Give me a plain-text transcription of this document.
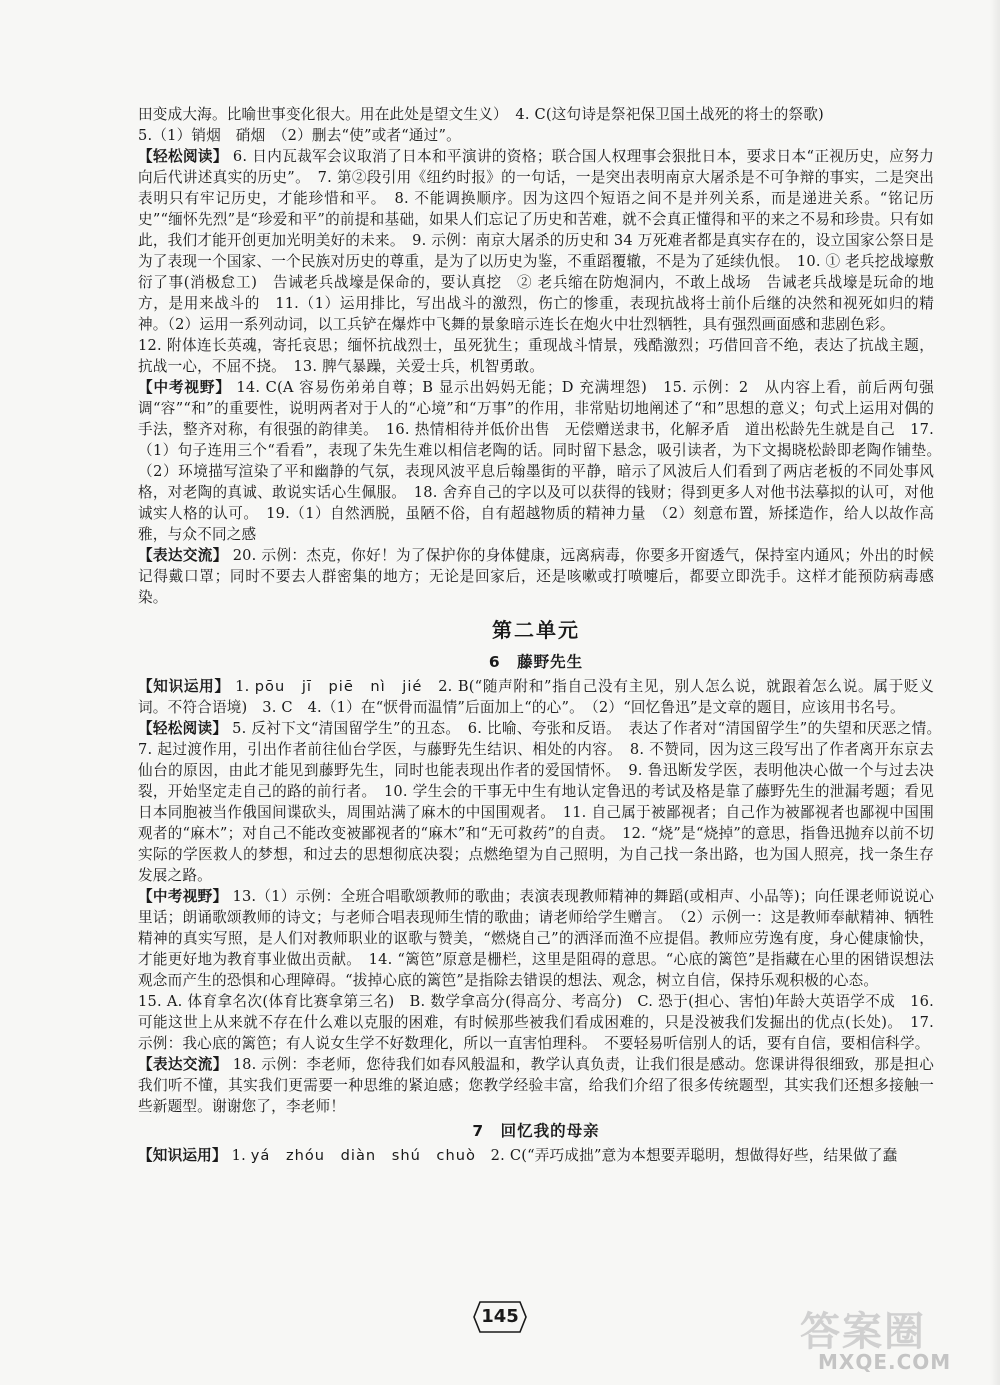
田变成大海。比喻世事变化很大。用在此处是望文生义）　4. C(这句诗是祭祀保卫国土战死的将士的祭歌)

5.（1）销烟　硝烟　（2）删去“使”或者“通过”。

【轻松阅读】 6. 日内瓦裁军会议取消了日本和平演讲的资格；联合国人权理事会狠批日本，要求日本“正视历史，应努力向后代讲述真实的历史”。　7. 第②段引用《纽约时报》的一句话，一是突出表明南京大屠杀是不可争辩的事实，二是突出表明只有牢记历史，才能珍惜和平。　8. 不能调换顺序。因为这四个短语之间不是并列关系，而是递进关系。“铭记历史”“缅怀先烈”是“珍爱和平”的前提和基础，如果人们忘记了历史和苦难，就不会真正懂得和平的来之不易和珍贵。只有如此，我们才能开创更加光明美好的未来。　9. 示例：南京大屠杀的历史和 34 万死难者都是真实存在的，设立国家公祭日是为了表现一个国家、一个民族对历史的尊重，是为了以历史为鉴，不重蹈覆辙，不是为了延续仇恨。　10. ① 老兵挖战壕敷衍了事(消极怠工)　告诫老兵战壕是保命的，要认真挖　② 老兵缩在防炮洞内，不敢上战场　告诫老兵战壕是玩命的地方，是用来战斗的　11.（1）运用排比，写出战斗的激烈，伤亡的惨重，表现抗战将士前仆后继的决然和视死如归的精神。（2）运用一系列动词，以工兵铲在爆炸中飞舞的景象暗示连长在炮火中壮烈牺牲，具有强烈画面感和悲剧色彩。

12. 附体连长英魂，寄托哀思；缅怀抗战烈士，虽死犹生；重现战斗情景，残酷激烈；巧借回音不绝，表达了抗战主题，抗战一心，不屈不挠。　13. 脾气暴躁，关爱士兵，机智勇敢。

【中考视野】 14. C(A 容易伤弟弟自尊；B 显示出妈妈无能；D 充满埋怨)　15. 示例：2　从内容上看，前后两句强调“容”“和”的重要性，说明两者对于人的“心境”和“万事”的作用，非常贴切地阐述了“和”思想的意义；句式上运用对偶的手法，整齐对称，有很强的韵律美。　16. 热情相待并低价出售　无偿赠送隶书，化解矛盾　道出松龄先生就是自己　17.（1）句子连用三个“看看”，表现了朱先生难以相信老陶的话。同时留下悬念，吸引读者，为下文揭晓松龄即老陶作铺垫。　（2）环境描写渲染了平和幽静的气氛，表现风波平息后翰墨街的平静，暗示了风波后人们看到了两店老板的不同处事风格，对老陶的真诚、敢说实话心生佩服。　18. 舍弃自己的字以及可以获得的钱财；得到更多人对他书法摹拟的认可，对他诚实人格的认可。　19.（1）自然洒脱，虽陋不俗，自有超越物质的精神力量　（2）刻意布置，矫揉造作，给人以故作高雅，与众不同之感

【表达交流】 20. 示例：杰克，你好！为了保护你的身体健康，远离病毒，你要多开窗透气，保持室内通风；外出的时候记得戴口罩；同时不要去人群密集的地方；无论是回家后，还是咳嗽或打喷嚏后，都要立即洗手。这样才能预防病毒感染。

第二单元
6　藤野先生

【知识运用】 1. pōu　jī　piē　nì　jié　2. B(“随声附和”指自己没有主见，别人怎么说，就跟着怎么说。属于贬义词。不符合语境)　3. C　4.（1）在“恹骨而温情”后面加上“的心”。　（2）“回忆鲁迅”是文章的题目，应该用书名号。

【轻松阅读】 5. 反衬下文“清国留学生”的丑态。　6. 比喻、夸张和反语。　表达了作者对“清国留学生”的失望和厌恶之情。　7. 起过渡作用，引出作者前往仙台学医，与藤野先生结识、相处的内容。　8. 不赞同，因为这三段写出了作者离开东京去仙台的原因，由此才能见到藤野先生，同时也能表现出作者的爱国情怀。　9. 鲁迅断发学医，表明他决心做一个与过去决裂，开始坚定走自己的路的前行者。　10. 学生会的干事无中生有地认定鲁迅的考试及格是靠了藤野先生的泄漏考题；看见日本同胞被当作俄国间谍砍头，周围站满了麻木的中国围观者。　11. 自己属于被鄙视者；自己作为被鄙视者也鄙视中国围观者的“麻木”；对自己不能改变被鄙视者的“麻木”和“无可救药”的自责。　12. “烧”是“烧掉”的意思，指鲁迅抛弃以前不切实际的学医救人的梦想，和过去的思想彻底决裂；点燃绝望为自己照明，为自己找一条出路，也为国人照亮，找一条生存发展之路。

【中考视野】 13.（1）示例：全班合唱歌颂教师的歌曲；表演表现教师精神的舞蹈(或相声、小品等)；向任课老师说说心里话；朗诵歌颂教师的诗文；与老师合唱表现师生情的歌曲；请老师给学生赠言。　（2）示例一：这是教师奉献精神、牺牲精神的真实写照，是人们对教师职业的讴歌与赞美，“燃烧自己”的洒泽而渔不应提倡。教师应劳逸有度，身心健康愉快，才能更好地为教育事业做出贡献。　14. “篱笆”原意是栅栏，这里是阻碍的意思。“心底的篱笆”是指藏在心里的困错误想法观念而产生的恐惧和心理障碍。“拔掉心底的篱笆”是指除去错误的想法、观念，树立自信，保持乐观积极的心态。

15. A. 体育拿名次(体育比赛拿第三名)　B. 数学拿高分(得高分、考高分)　C. 恐于(担心、害怕)年龄大英语学不成　16. 可能这世上从来就不存在什么难以克服的困难，有时候那些被我们看成困难的，只是没被我们发掘出的优点(长处)。　17. 示例：我心底的篱笆；有人说女生学不好数理化，所以一直害怕理科。　不要轻易听信别人的话，要有自信，要相信科学。

【表达交流】 18. 示例：李老师，您待我们如春风般温和，教学认真负责，让我们很是感动。您课讲得很细致，那是担心我们听不懂，其实我们更需要一种思维的紧迫感；您教学经验丰富，给我们介绍了很多传统题型，其实我们还想多接触一些新题型。谢谢您了，李老师！

7　回忆我的母亲

【知识运用】 1. yá　zhóu　diàn　shú　chuò　2. C(“弄巧成拙”意为本想要弄聪明，想做得好些，结果做了蠢

145	答案圈
MXQE.COM
